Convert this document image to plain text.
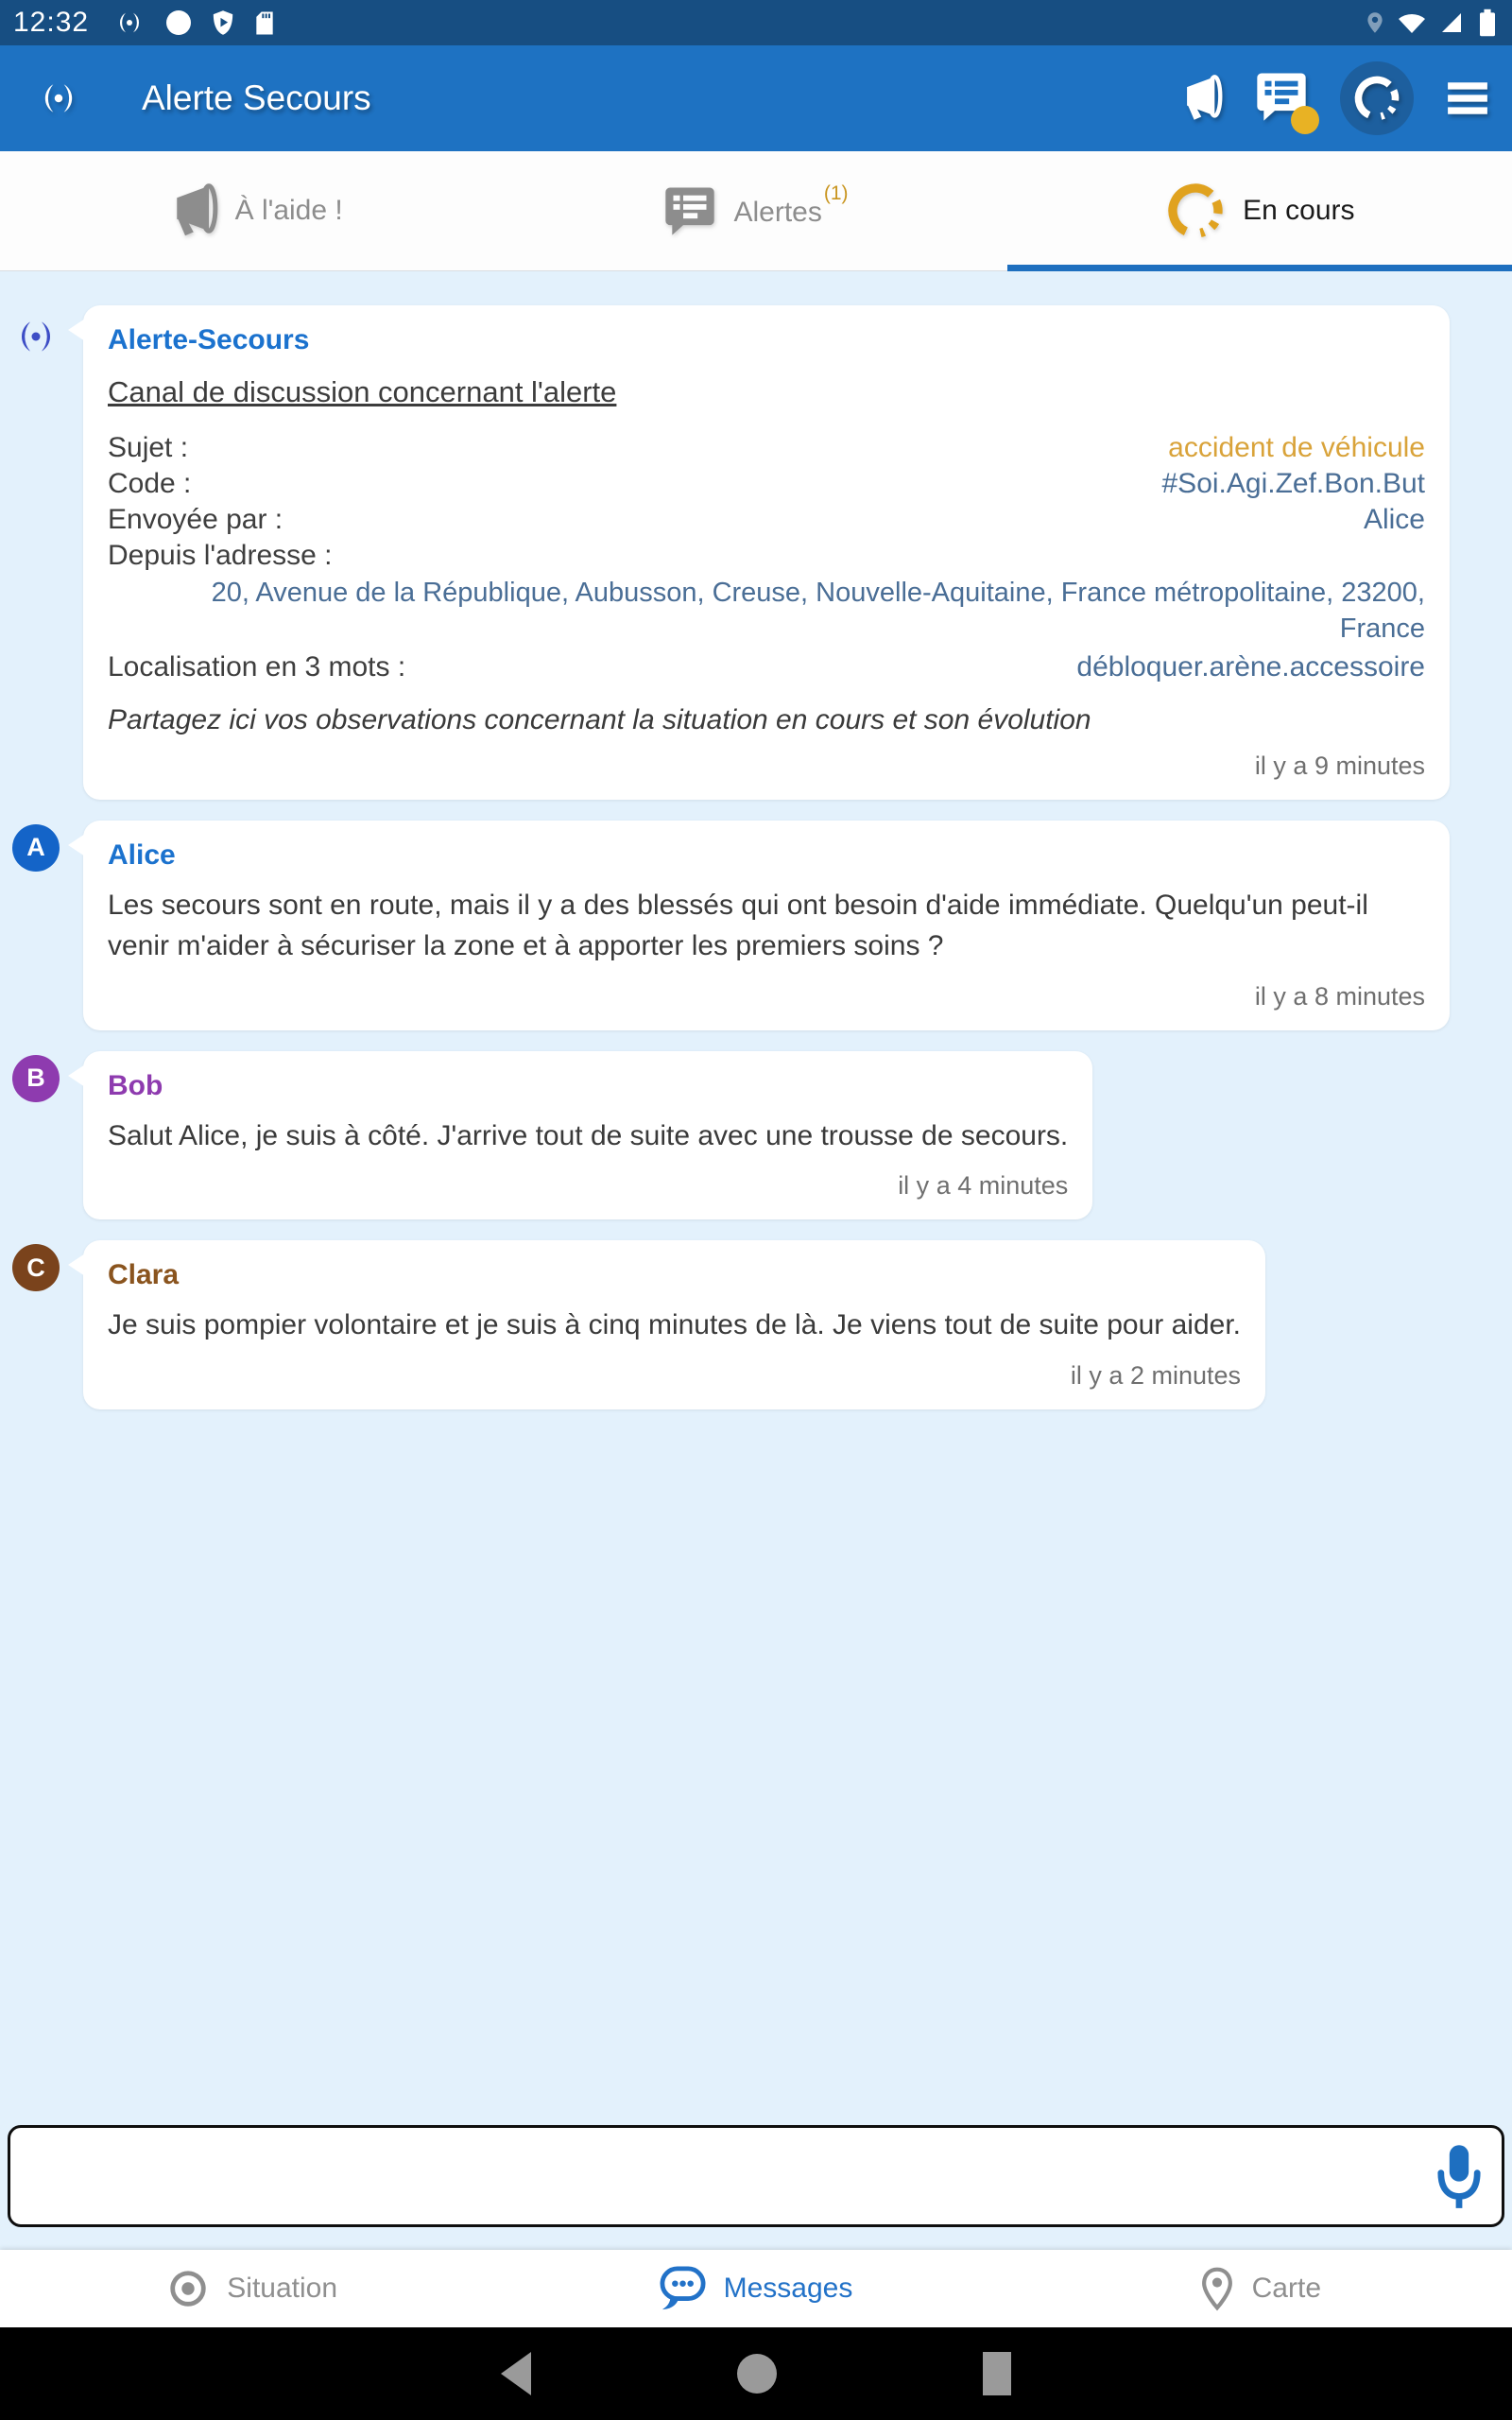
12:32
Alerte Secours
À l'aide !	Alertes$^{(1)}$
En cours
Alerte-Secours
Canal de discussion concernant l'alerte
Sujet :	accident de véhicule
Code :	#Soi.Agi.Zef.Bon.But
Envoyée par :	Alice
Depuis l'adresse :
20, Avenue de la République, Aubusson, Creuse, Nouvelle-Aquitaine, France métropolitaine, 23200, France
Localisation en 3 mots :	débloquer.arène.accessoire
Partagez ici vos observations concernant la situation en cours et son évolution
il y a 9 minutes
A	Alice
Les secours sont en route, mais il y a des blessés qui ont besoin d'aide immédiate. Quelqu'un peut-il venir m'aider à sécuriser la zone et à apporter les premiers soins ?
il y a 8 minutes
B	Bob
Salut Alice, je suis à côté. J'arrive tout de suite avec une trousse de secours.
il y a 4 minutes
C	Clara
Je suis pompier volontaire et je suis à cinq minutes de là. Je viens tout de suite pour aider.
il y a 2 minutes
Situation	Messages	Carte
